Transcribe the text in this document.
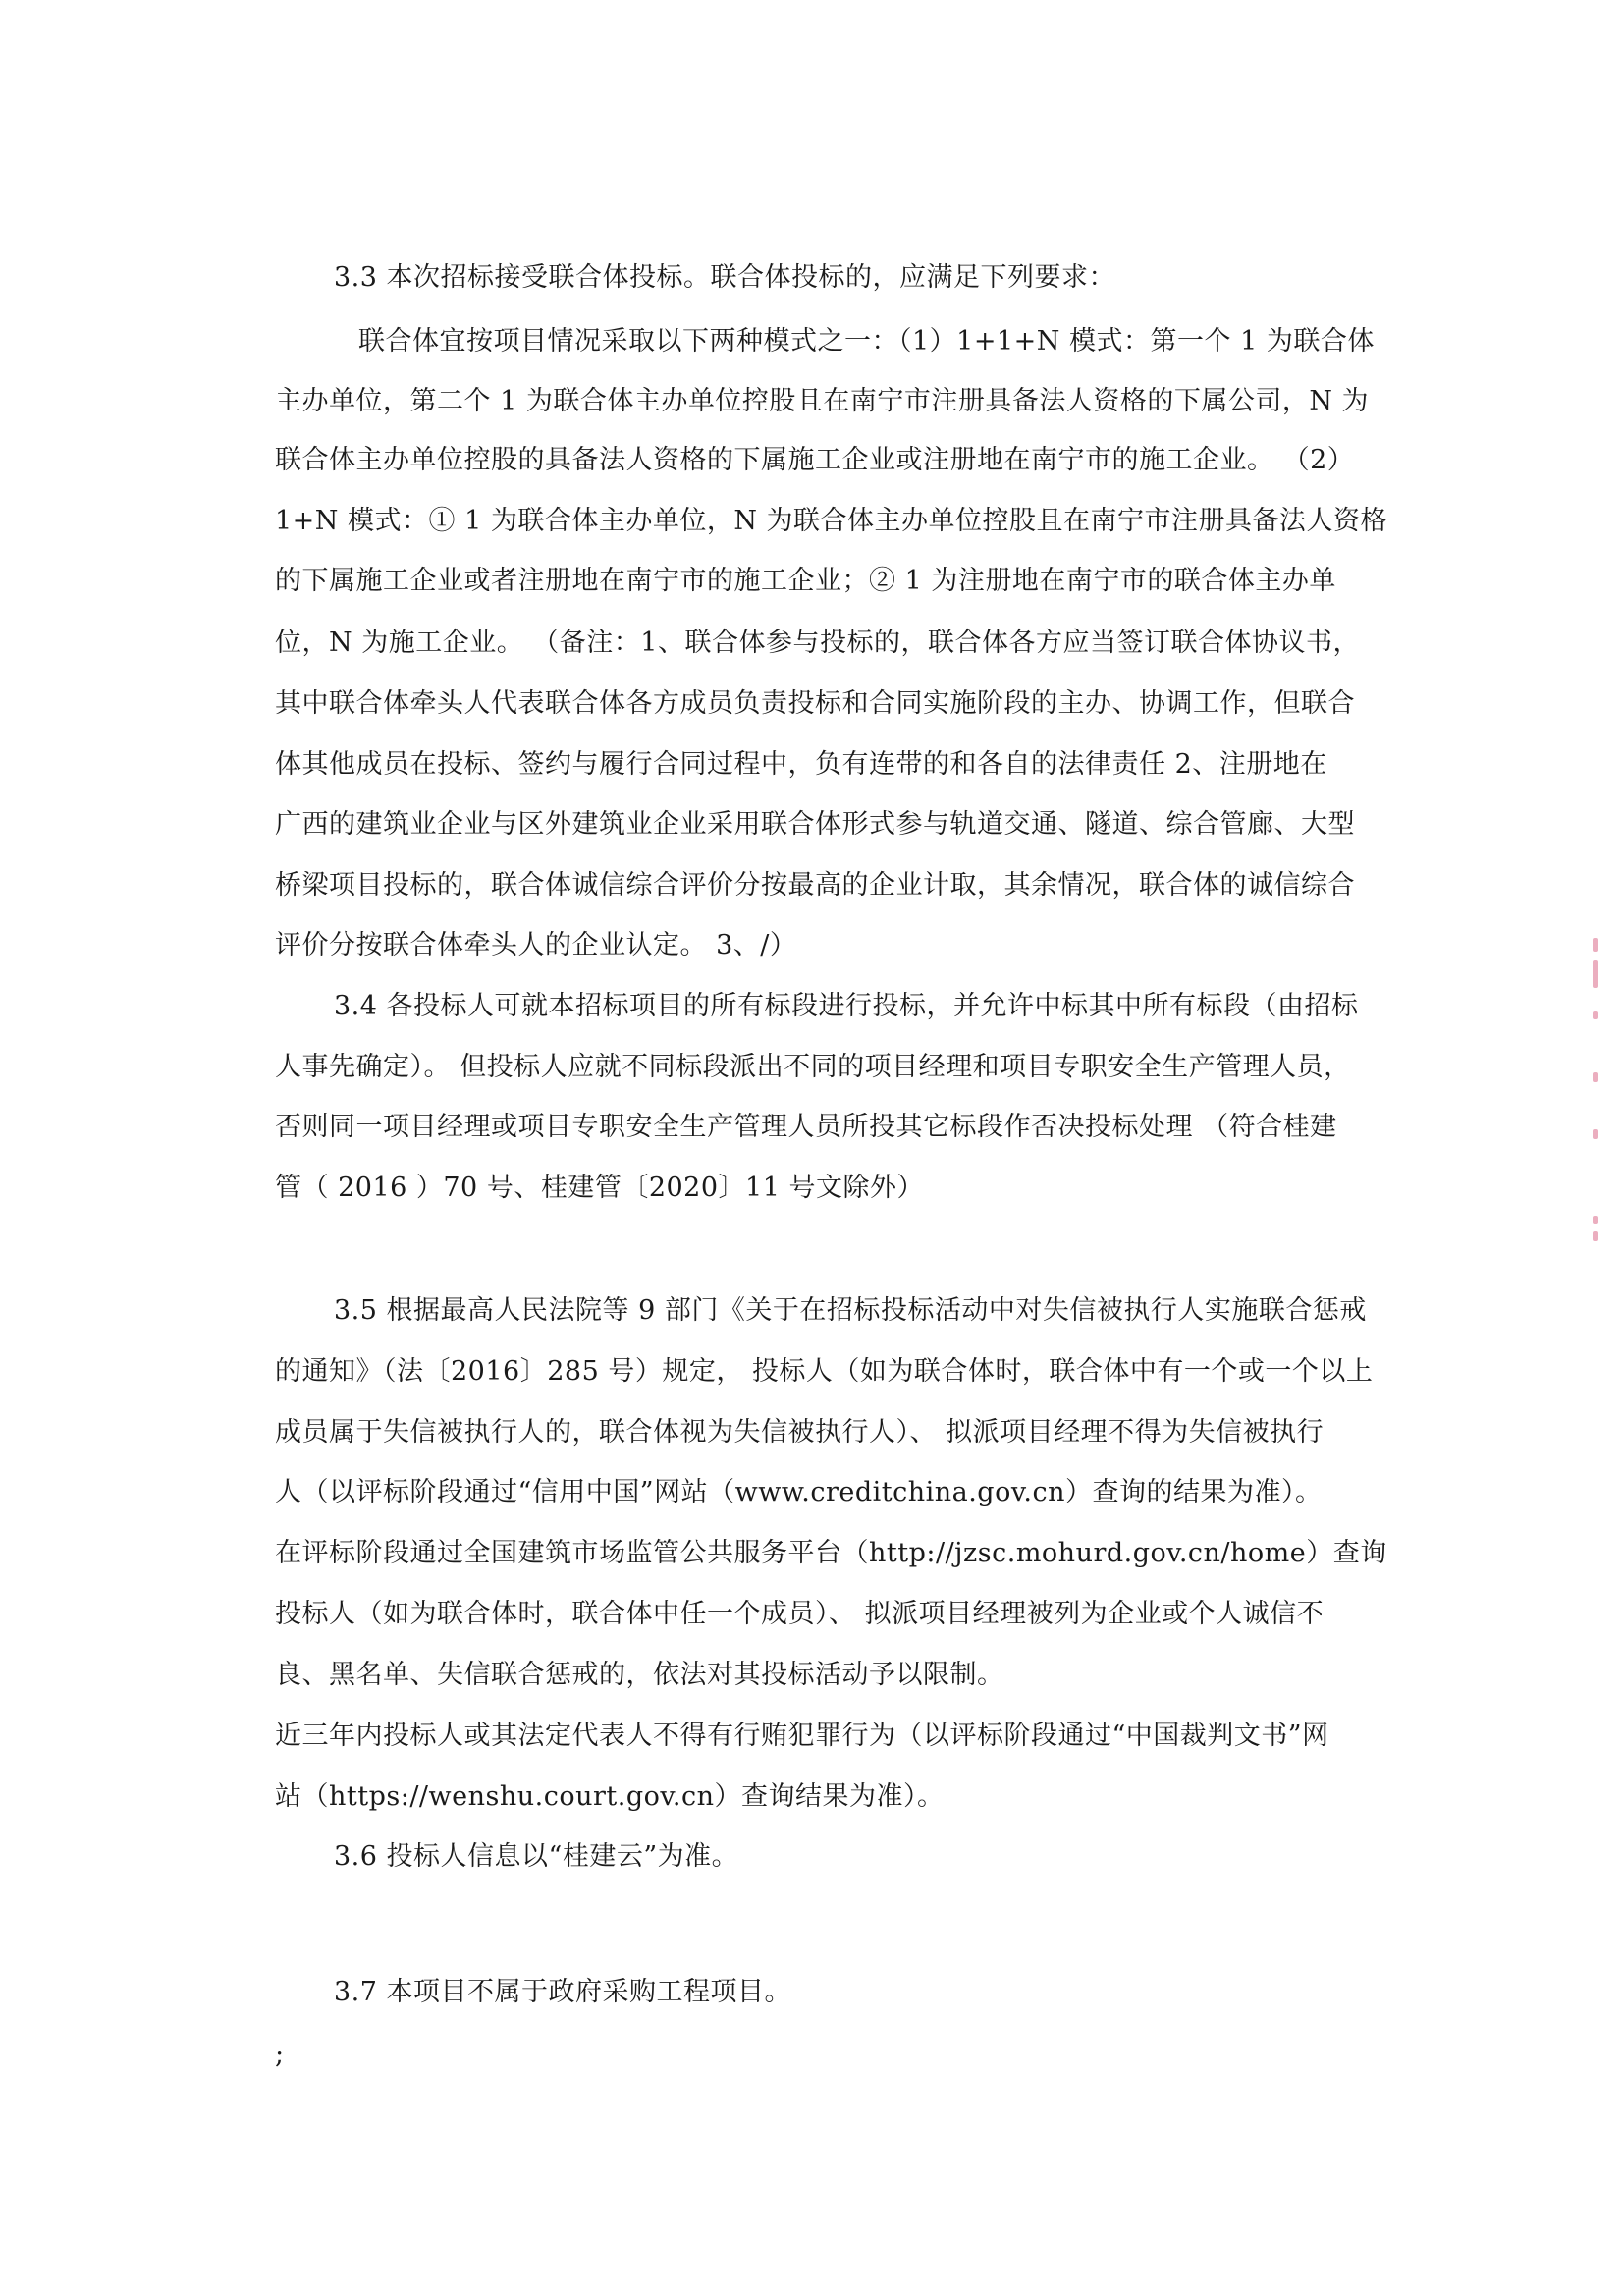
3.3 本次招标接受联合体投标。联合体投标的，应满足下列要求：
联合体宜按项目情况采取以下两种模式之一：（1）1+1+N 模式：第一个 1 为联合体
主办单位，第二个 1 为联合体主办单位控股且在南宁市注册具备法人资格的下属公司，N 为
联合体主办单位控股的具备法人资格的下属施工企业或注册地在南宁市的施工企业。 （2）
1+N 模式：① 1 为联合体主办单位，N 为联合体主办单位控股且在南宁市注册具备法人资格
的下属施工企业或者注册地在南宁市的施工企业；② 1 为注册地在南宁市的联合体主办单
位，N 为施工企业。 （备注：1、联合体参与投标的，联合体各方应当签订联合体协议书，
其中联合体牵头人代表联合体各方成员负责投标和合同实施阶段的主办、协调工作，但联合
体其他成员在投标、签约与履行合同过程中，负有连带的和各自的法律责任 2、注册地在
广西的建筑业企业与区外建筑业企业采用联合体形式参与轨道交通、隧道、综合管廊、大型
桥梁项目投标的，联合体诚信综合评价分按最高的企业计取，其余情况，联合体的诚信综合
评价分按联合体牵头人的企业认定。 3、/）
3.4 各投标人可就本招标项目的所有标段进行投标，并允许中标其中所有标段（由招标
人事先确定）。 但投标人应就不同标段派出不同的项目经理和项目专职安全生产管理人员，
否则同一项目经理或项目专职安全生产管理人员所投其它标段作否决投标处理 （符合桂建
管（ 2016 ）70 号、桂建管〔2020〕11 号文除外）
3.5 根据最高人民法院等 9 部门《关于在招标投标活动中对失信被执行人实施联合惩戒
的通知》（法〔2016〕285 号）规定， 投标人（如为联合体时，联合体中有一个或一个以上
成员属于失信被执行人的，联合体视为失信被执行人）、 拟派项目经理不得为失信被执行
人（以评标阶段通过“信用中国”网站（www.creditchina.gov.cn）查询的结果为准）。
在评标阶段通过全国建筑市场监管公共服务平台（http://jzsc.mohurd.gov.cn/home）查询
投标人（如为联合体时，联合体中任一个成员）、 拟派项目经理被列为企业或个人诚信不
良、黑名单、失信联合惩戒的，依法对其投标活动予以限制。
近三年内投标人或其法定代表人不得有行贿犯罪行为（以评标阶段通过“中国裁判文书”网
站（https://wenshu.court.gov.cn）查询结果为准）。
3.6 投标人信息以“桂建云”为准。
3.7 本项目不属于政府采购工程项目。
;
